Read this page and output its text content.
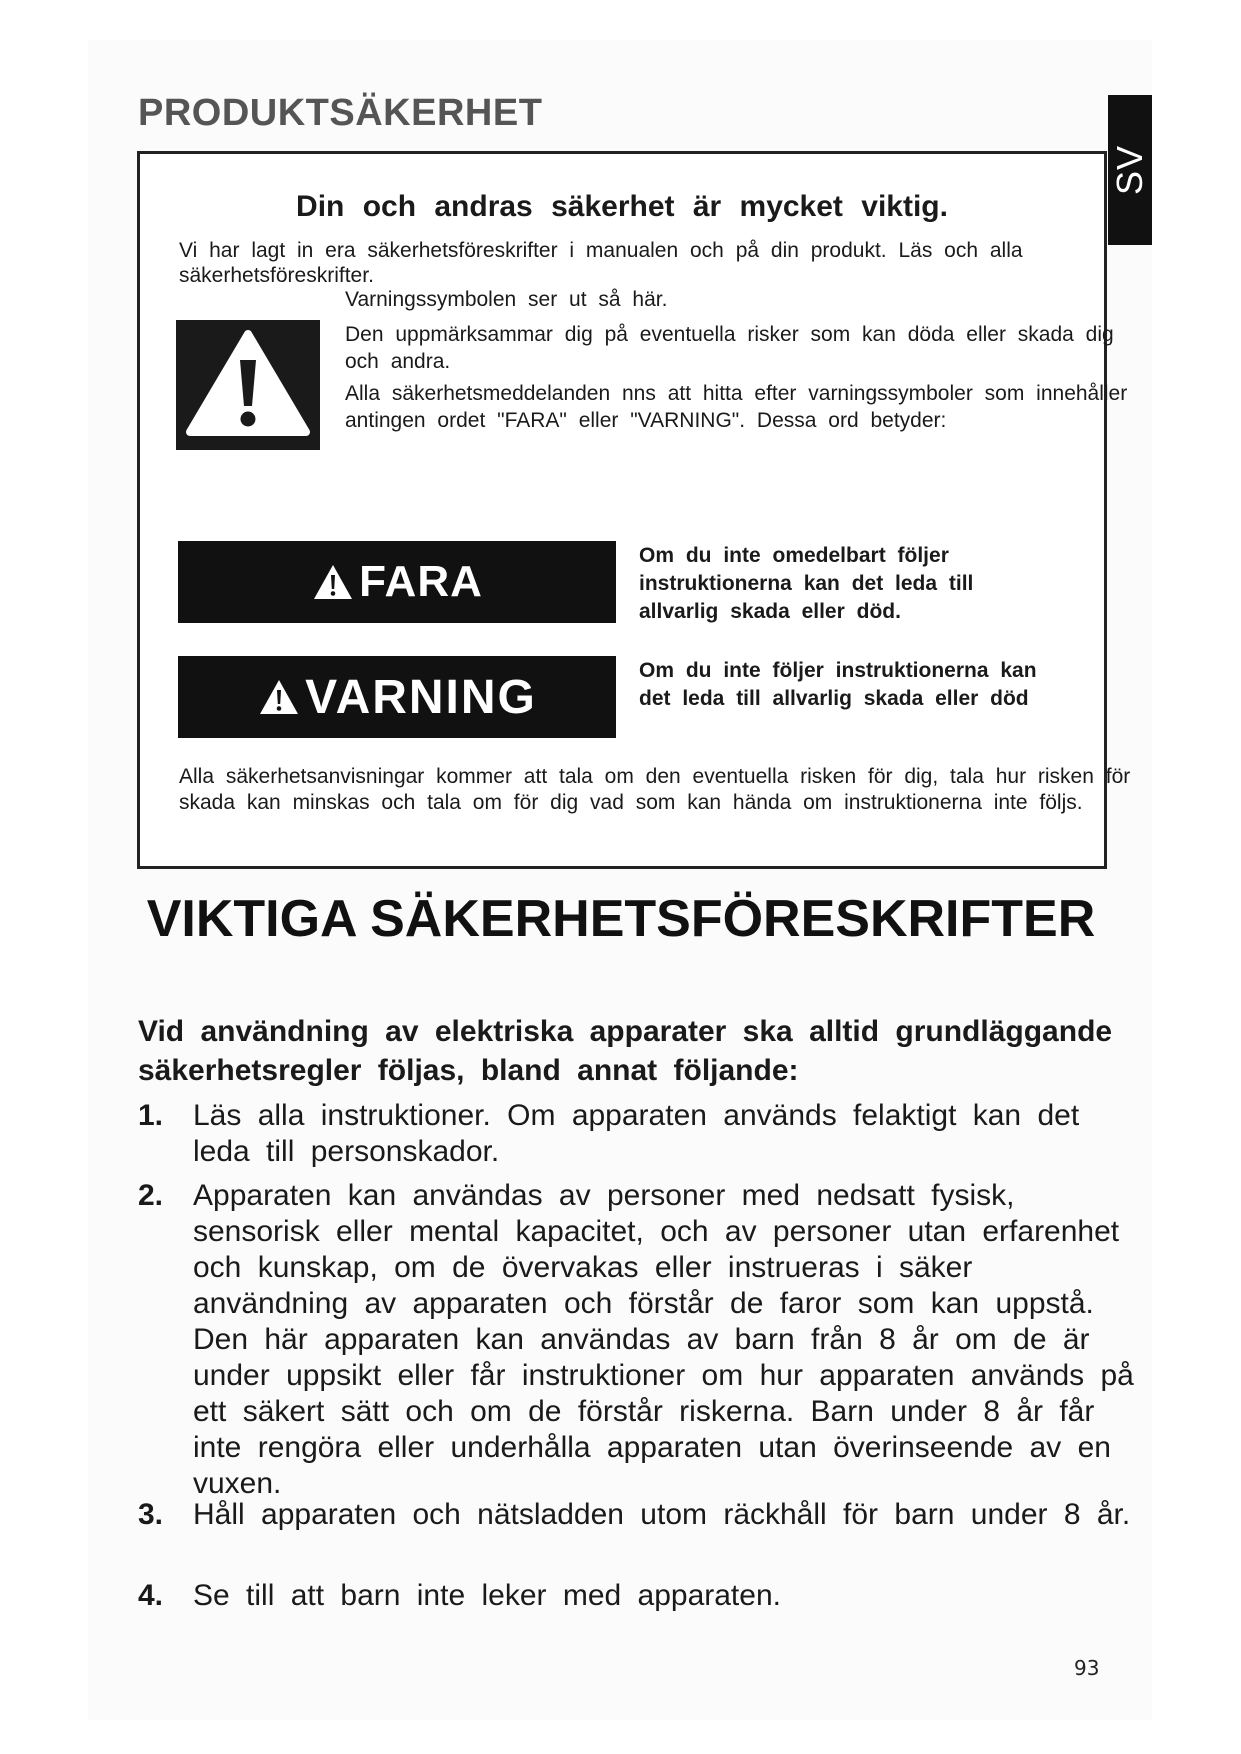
SV
PRODUKTSÄKERHET
Din och andras säkerhet är mycket viktig.
Vi har lagt in era säkerhetsföreskrifter i manualen och på din produkt. Läs och alla säkerhetsföreskrifter.
Varningssymbolen ser ut så här.
Den uppmärksammar dig på eventuella risker som kan döda eller skada dig och andra.
Alla säkerhetsmeddelanden nns att hitta efter varningssymboler som innehåller antingen ordet "FARA" eller "VARNING". Dessa ord betyder:
FARA
Om du inte omedelbart följer instruktionerna kan det leda till allvarlig skada eller död.
VARNING	Om du inte följer instruktionerna kan det leda till allvarlig skada eller död
Alla säkerhetsanvisningar kommer att tala om den eventuella risken för dig, tala hur risken för skada kan minskas och tala om för dig vad som kan hända om instruktionerna inte följs.
VIKTIGA SÄKERHETSFÖRESKRIFTER
Vid användning av elektriska apparater ska alltid grundläggande säkerhetsregler följas, bland annat följande:
1. Läs alla instruktioner. Om apparaten används felaktigt kan det leda till personskador.
2. Apparaten kan användas av personer med nedsatt fysisk, sensorisk eller mental kapacitet, och av personer utan erfarenhet och kunskap, om de övervakas eller instrueras i säker användning av apparaten och förstår de faror som kan uppstå. Den här apparaten kan användas av barn från 8 år om de är under uppsikt eller får instruktioner om hur apparaten används på ett säkert sätt och om de förstår riskerna. Barn under 8 år får inte rengöra eller underhålla apparaten utan överinseende av en vuxen.
3. Håll apparaten och nätsladden utom räckhåll för barn under 8 år.
4. Se till att barn inte leker med apparaten.
93
